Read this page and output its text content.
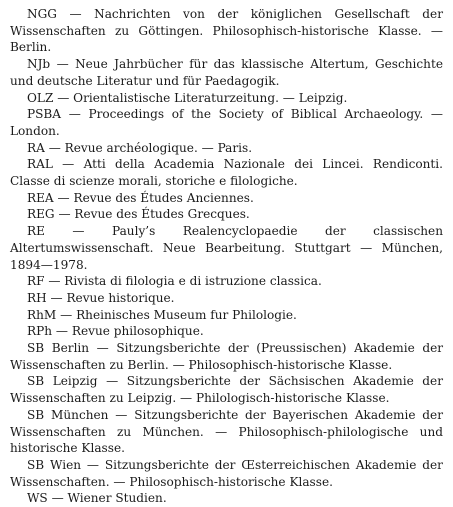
NGG — Nachrichten von der königlichen Gesellschaft der Wissenschaften zu Göttingen. Philosophisch-historische Klasse. — Berlin.

NJb — Neue Jahrbücher für das klassische Altertum, Geschichte und deutsche Literatur und für Paedagogik.

OLZ — Orientalistische Literaturzeitung. — Leipzig.

PSBA — Proceedings of the Society of Biblical Archaeology. — London.

RA — Revue archéologique. — Paris.

RAL — Atti della Academia Nazionale dei Lincei. Rendiconti. Classe di scienze morali, storiche e filologiche.

REA — Revue des Études Anciennes.

REG — Revue des Études Grecques.

RE — Pauly’s Realencyclopaedie der classischen Altertumswissenschaft. Neue Bearbeitung. Stuttgart — München, 1894—1978.

RF — Rivista di filologia e di istruzione classica.

RH — Revue historique.

RhM — Rheinisches Museum fur Philologie.

RPh — Revue philosophique.

SB Berlin — Sitzungsberichte der (Preussischen) Akademie der Wissenschaften zu Berlin. — Philosophisch-historische Klasse.

SB Leipzig — Sitzungsberichte der Sächsischen Akademie der Wissenschaften zu Leipzig. — Philologisch-historische Klasse.

SB München — Sitzungsberichte der Bayerischen Akademie der Wissenschaften zu München. — Philosophisch-philologische und historische Klasse.

SB Wien — Sitzungsberichte der Œsterreichischen Akademie der Wissenschaften. — Philosophisch-historische Klasse.

WS — Wiener Studien.
